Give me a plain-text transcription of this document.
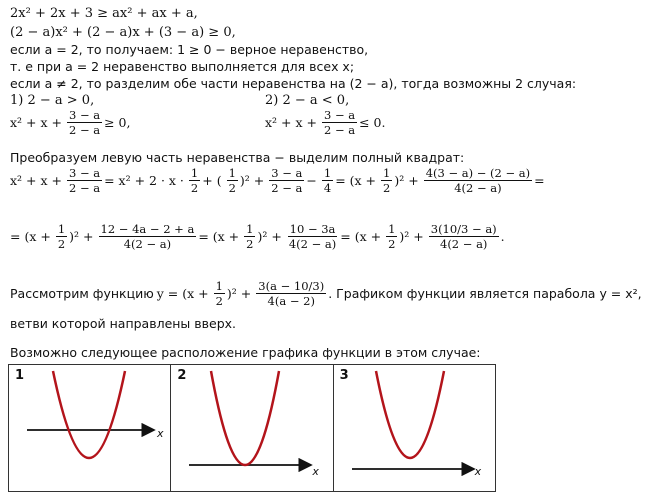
2x² + 2x + 3 ≥ ax² + ax + a,
(2 − a)x² + (2 − a)x + (3 − a) ≥ 0,
если a = 2, то получаем: 1 ≥ 0 − верное неравенство,
т. е при a = 2 неравенство выполняется для всех x;
если a ≠ 2, то разделим обе части неравенства на (2 − a), тогда возможны 2 случая:
1) 2 − a > 0,	2) 2 − a < 0,
$x^2 + x + \frac{3 - a}{2 - a} \ge 0$,	$x^2 + x + \frac{3 - a}{2 - a} \le 0$.
Преобразуем левую часть неравенства − выделим полный квадрат:
$x^2 + x + \frac{3 - a}{2 - a} = x^2 + 2 \cdot x \cdot \frac{1}{2}$ + ( $\frac{1}{2} )^2 + \frac{3 - a}{2 - a} - \frac{1}{4} = (x + \frac{1}{2} )^2 + \frac{4(3 - a) - (2 - a)}{4(2 - a)}$ =
= $(x + \frac{1}{2} )^2 + \frac{12 - 4a - 2 + a}{4(2 - a)} = (x + \frac{1}{2} )^2 + \frac{10 - 3a}{4(2 - a)} = (x + \frac{1}{2} )^2 + \frac{3(10/3 - a)}{4(2 - a)}$ .
Рассмотрим функцию $y = (x + \frac{1}{2} )^2 + \frac{3(a - 10/3)}{4(a - 2)}$ . Графиком функции является парабола y = x²,
ветви которой направлены вверх.
Возможно следующее расположение графика функции в этом случае:
1
x
2
x
3
x
